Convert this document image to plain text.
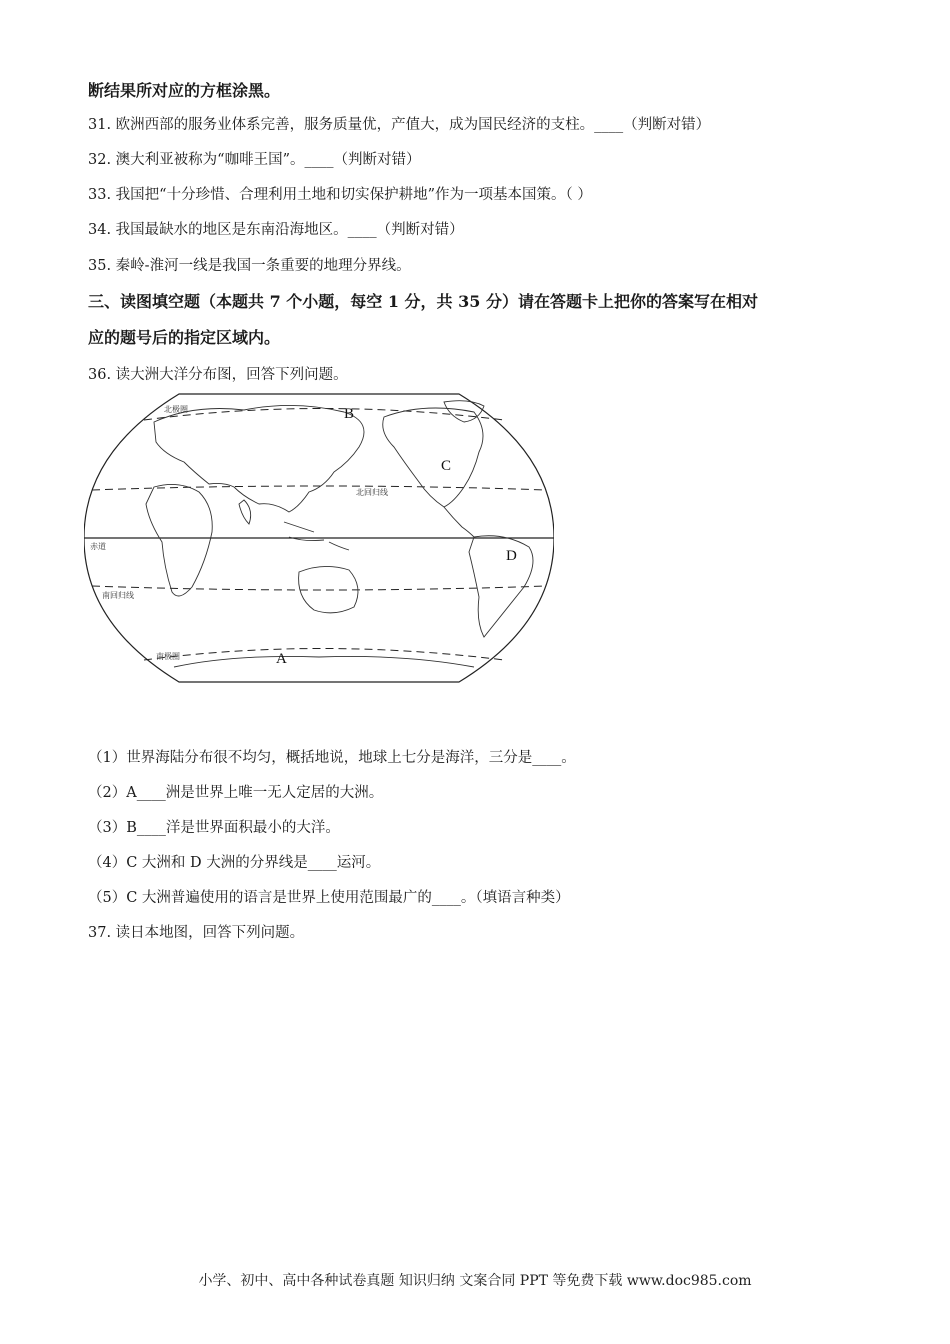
断结果所对应的方框涂黑。
31. 欧洲西部的服务业体系完善，服务质量优，产值大，成为国民经济的支柱。____（判断对错）
32. 澳大利亚被称为“咖啡王国”。____（判断对错）
33. 我国把“十分珍惜、合理利用土地和切实保护耕地”作为一项基本国策。（ ）
34. 我国最缺水的地区是东南沿海地区。____（判断对错）
35. 秦岭-淮河一线是我国一条重要的地理分界线。
三、读图填空题（本题共 7 个小题，每空 1 分，共 35 分）请在答题卡上把你的答案写在相对
应的题号后的指定区域内。
36. 读大洲大洋分布图，回答下列问题。
A
B
C
D
北极圈
北回归线
赤道
南回归线
南极圈
（1）世界海陆分布很不均匀，概括地说，地球上七分是海洋，三分是____。
（2）A____洲是世界上唯一无人定居的大洲。
（3）B____洋是世界面积最小的大洋。
（4）C 大洲和 D 大洲的分界线是____运河。
（5）C 大洲普遍使用的语言是世界上使用范围最广的____。（填语言种类）
37. 读日本地图，回答下列问题。
小学、初中、高中各种试卷真题 知识归纳 文案合同 PPT 等免费下载 www.doc985.com
